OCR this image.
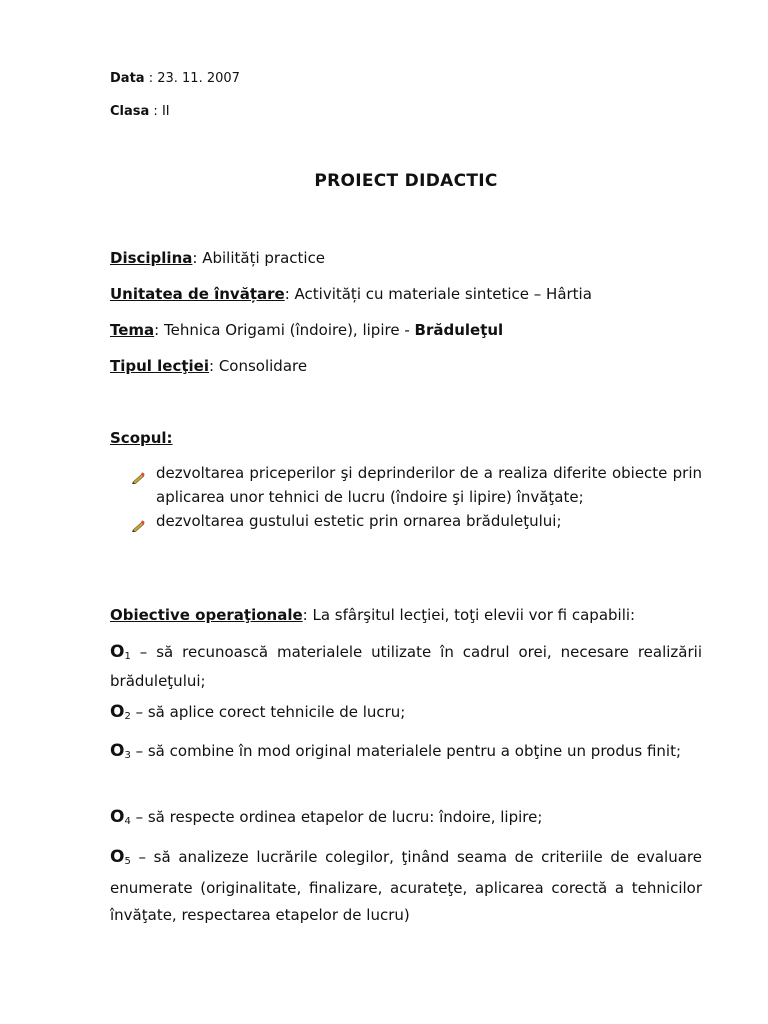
Data : 23. 11. 2007
Clasa : II
PROIECT DIDACTIC
Disciplina: Abilități practice
Unitatea de învățare: Activități cu materiale sintetice – Hârtia
Tema: Tehnica Origami (îndoire), lipire - Brăduleţul
Tipul lecţiei: Consolidare
Scopul:
dezvoltarea priceperilor şi deprinderilor de a realiza diferite obiecte prin aplicarea unor tehnici de lucru (îndoire şi lipire) învăţate;
dezvoltarea gustului estetic prin ornarea brăduleţului;
Obiective operaţionale: La sfârşitul lecţiei, toţi elevii vor fi capabili:
$O_1$ – să recunoască materialele utilizate în cadrul orei, necesare realizării brăduleţului;
$O_2$ – să aplice corect tehnicile de lucru;
$O_3$ – să combine în mod original materialele pentru a obţine un produs finit;
$O_4$ – să respecte ordinea etapelor de lucru: îndoire, lipire;
$O_5$ – să analizeze lucrările colegilor, ţinând seama de criteriile de evaluare enumerate (originalitate, finalizare, acurateţe, aplicarea corectă a tehnicilor învăţate, respectarea etapelor de lucru)
